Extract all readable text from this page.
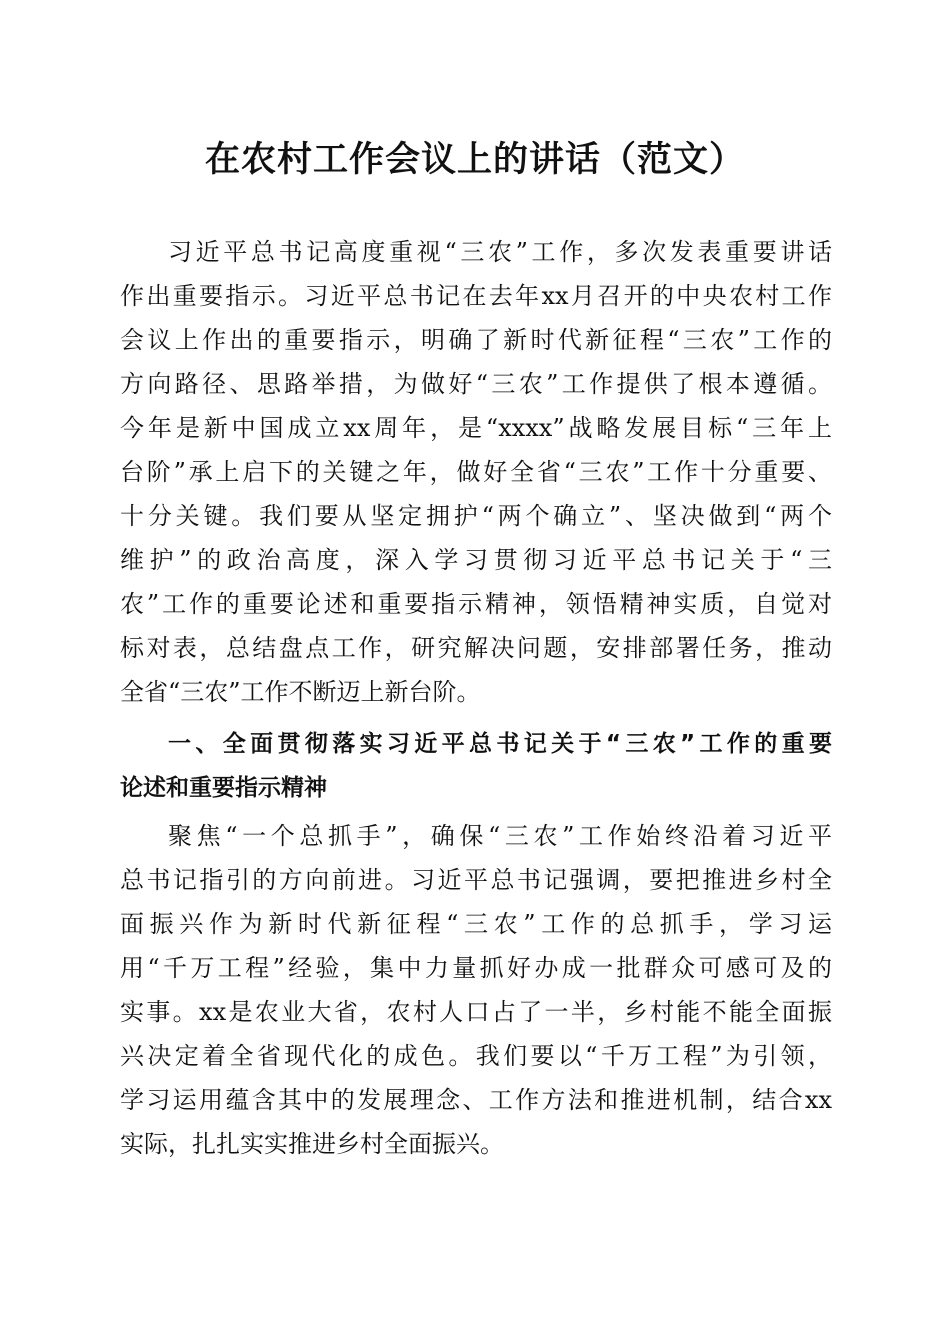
在农村工作会议上的讲话（范文）
习近平总书记高度重视“三农”工作，多次发表重要讲话
作出重要指示。习近平总书记在去年xx月召开的中央农村工作
会议上作出的重要指示，明确了新时代新征程“三农”工作的
方向路径、思路举措，为做好“三农”工作提供了根本遵循。
今年是新中国成立xx周年，是“xxxx”战略发展目标“三年上
台阶”承上启下的关键之年，做好全省“三农”工作十分重要、
十分关键。我们要从坚定拥护“两个确立”、坚决做到“两个
维护”的政治高度，深入学习贯彻习近平总书记关于“三
农”工作的重要论述和重要指示精神，领悟精神实质，自觉对
标对表，总结盘点工作，研究解决问题，安排部署任务，推动
全省“三农”工作不断迈上新台阶。
一、全面贯彻落实习近平总书记关于“三农”工作的重要
论述和重要指示精神
聚焦“一个总抓手”，确保“三农”工作始终沿着习近平
总书记指引的方向前进。习近平总书记强调，要把推进乡村全
面振兴作为新时代新征程“三农”工作的总抓手，学习运
用“千万工程”经验，集中力量抓好办成一批群众可感可及的
实事。xx是农业大省，农村人口占了一半，乡村能不能全面振
兴决定着全省现代化的成色。我们要以“千万工程”为引领，
学习运用蕴含其中的发展理念、工作方法和推进机制，结合xx
实际，扎扎实实推进乡村全面振兴。
